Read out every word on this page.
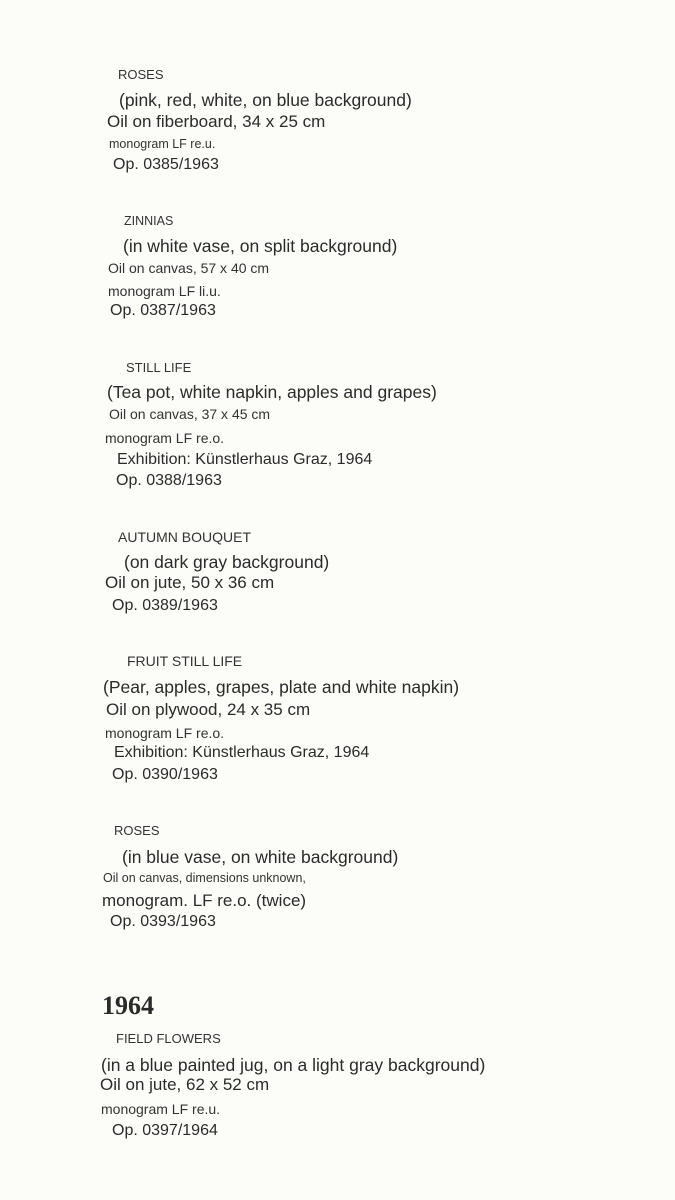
ROSES
(pink, red, white, on blue background)
Oil on fiberboard, 34 x 25 cm
monogram LF re.u.
Op. 0385/1963
ZINNIAS
(in white vase, on split background)
Oil on canvas, 57 x 40 cm
monogram LF li.u.
Op. 0387/1963
STILL LIFE
(Tea pot, white napkin, apples and grapes)
Oil on canvas, 37 x 45 cm
monogram LF re.o.
Exhibition: Künstlerhaus Graz, 1964
Op. 0388/1963
AUTUMN BOUQUET
(on dark gray background)
Oil on jute, 50 x 36 cm
Op. 0389/1963
FRUIT STILL LIFE
(Pear, apples, grapes, plate and white napkin)
Oil on plywood, 24 x 35 cm
monogram LF re.o.
Exhibition: Künstlerhaus Graz, 1964
Op. 0390/1963
ROSES
(in blue vase, on white background)
Oil on canvas, dimensions unknown,
monogram. LF re.o. (twice)
Op. 0393/1963
1964
FIELD FLOWERS
(in a blue painted jug, on a light gray background)
Oil on jute, 62 x 52 cm
monogram LF re.u.
Op. 0397/1964
